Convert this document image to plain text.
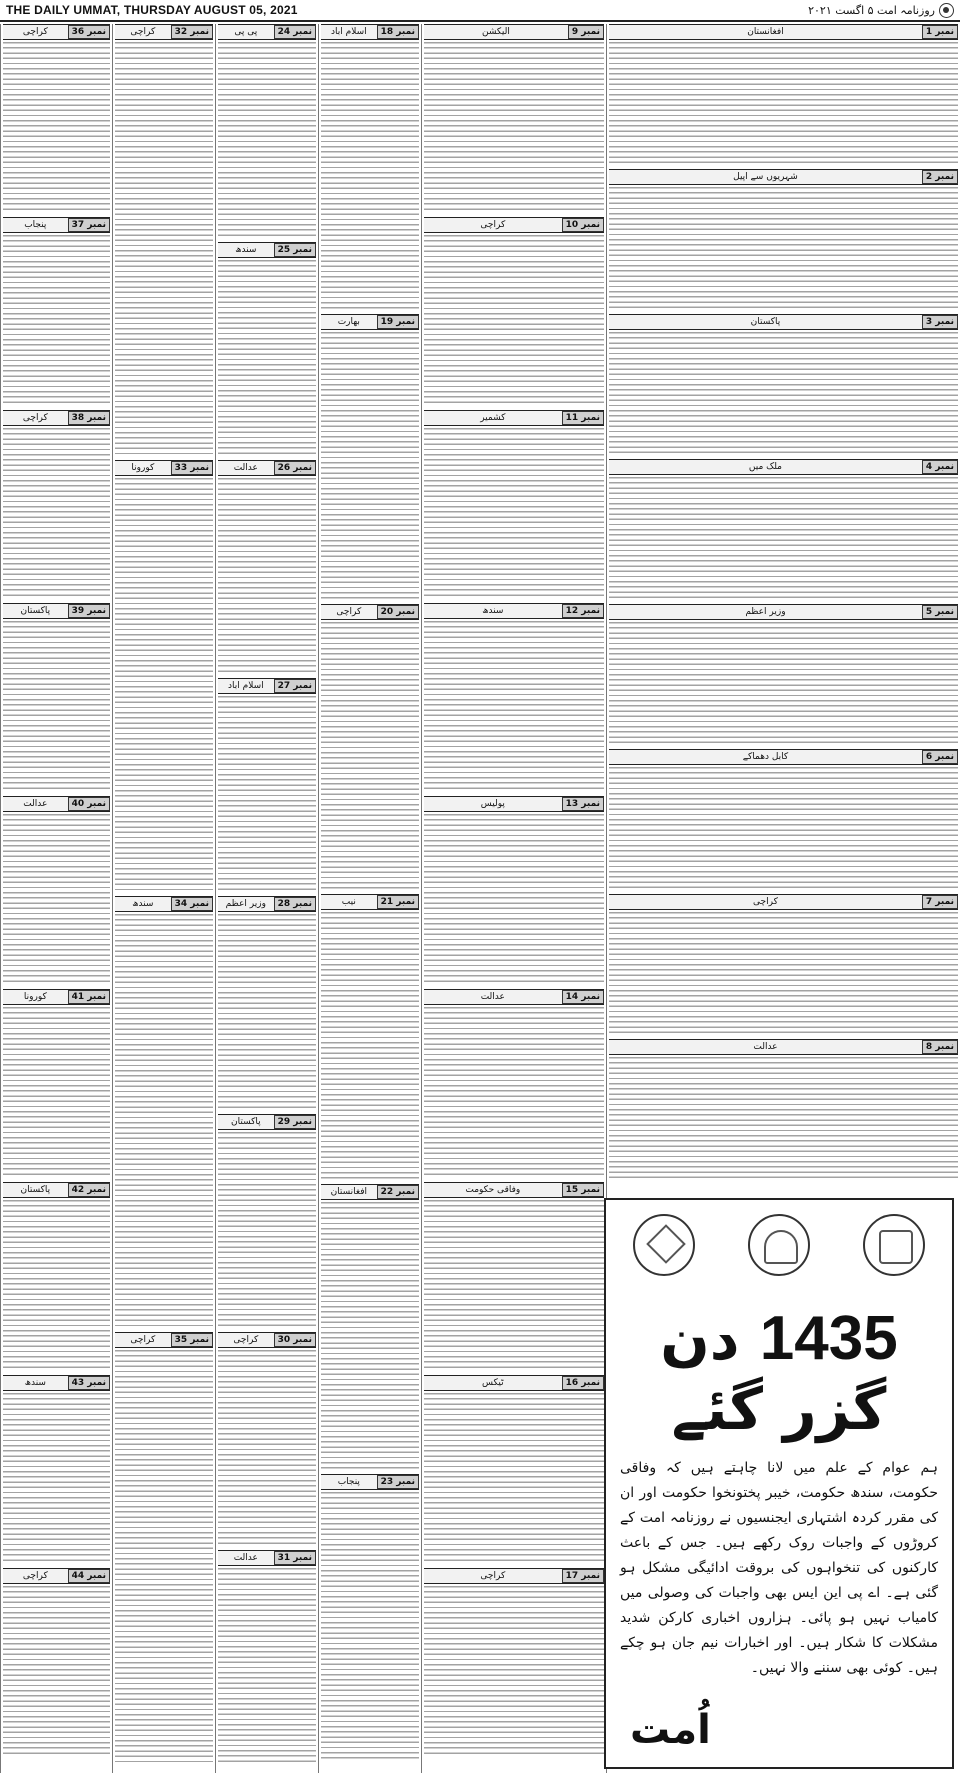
THE DAILY UMMAT, THURSDAY AUGUST 05, 2021	روزنامہ امت ۵ اگست ۲۰۲۱
نمبر 36
کراچی
نمبر 37
پنجاب
نمبر 38
کراچی
نمبر 39
پاکستان
نمبر 40
عدالت
نمبر 41
کورونا
نمبر 42
پاکستان
نمبر 43
سندھ
نمبر 44
کراچی
نمبر 32
کراچی
نمبر 33
کورونا
نمبر 34
سندھ
نمبر 35
کراچی
نمبر 24
پی پی
نمبر 25
سندھ
نمبر 26
عدالت
نمبر 27
اسلام آباد
نمبر 28
وزیر اعظم
نمبر 29
پاکستان
نمبر 30
کراچی
نمبر 31
عدالت
نمبر 18
اسلام آباد
نمبر 19
بھارت
نمبر 20
کراچی
نمبر 21
نیب
نمبر 22
افغانستان
نمبر 23
پنجاب
نمبر 9
الیکشن
نمبر 10
کراچی
نمبر 11
کشمیر
نمبر 12
سندھ
نمبر 13
پولیس
نمبر 14
عدالت
نمبر 15
وفاقی حکومت
نمبر 16
ٹیکس
نمبر 17
کراچی
نمبر 1
افغانستان
نمبر 2
شہریوں سے اپیل
نمبر 3
پاکستان
نمبر 4
ملک میں
نمبر 5
وزیر اعظم
نمبر 6
کابل دھماکے
نمبر 7
کراچی
نمبر 8
عدالت
1435 دن گزر گئے
ہم عوام کے علم میں لانا چاہتے ہیں کہ وفاقی حکومت، سندھ حکومت، خیبر پختونخوا حکومت اور ان کی مقرر کردہ اشتہاری ایجنسیوں نے روزنامہ امت کے کروڑوں کے واجبات روک رکھے ہیں۔ جس کے باعث کارکنوں کی تنخواہوں کی بروقت ادائیگی مشکل ہو گئی ہے۔ اے پی این ایس بھی واجبات کی وصولی میں کامیاب نہیں ہو پائی۔ ہزاروں اخباری کارکن شدید مشکلات کا شکار ہیں۔ اور اخبارات نیم جان ہو چکے ہیں۔ کوئی بھی سننے والا نہیں۔
اُمت
